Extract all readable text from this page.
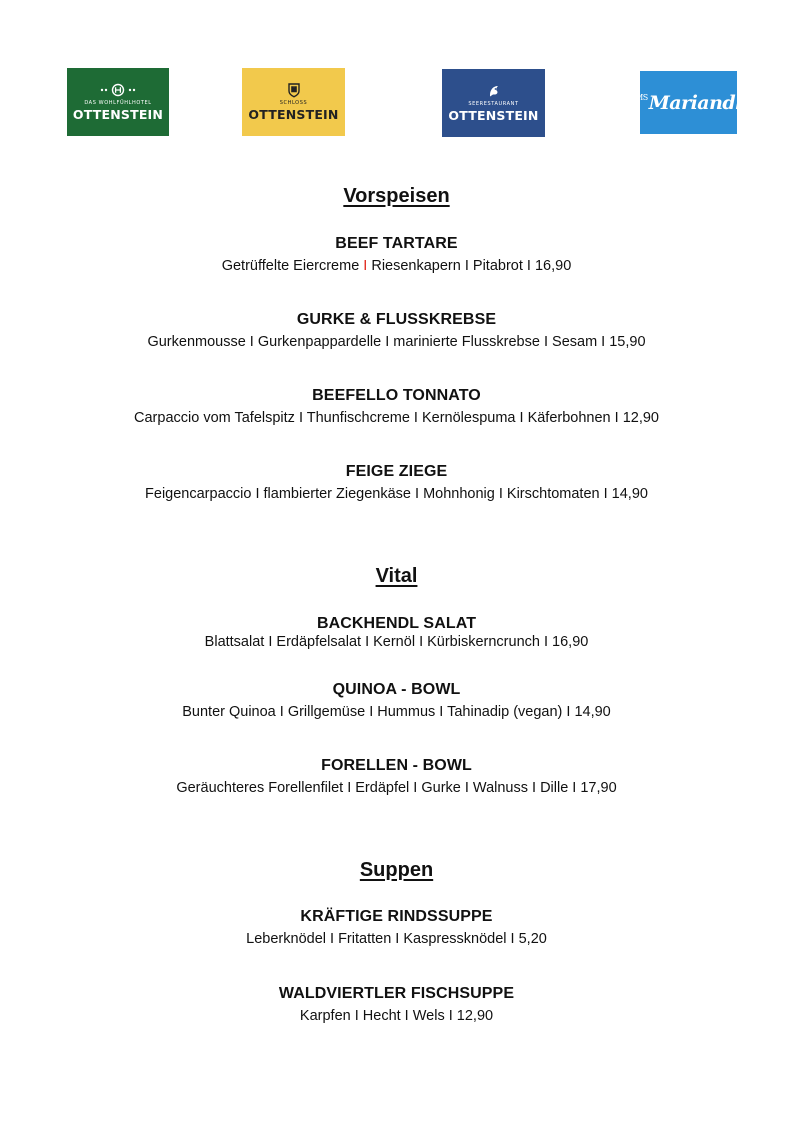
DAS WOHLFÜHLHOTEL
OTTENSTEIN
SCHLOSS
OTTENSTEIN
SEERESTAURANT
OTTENSTEIN
$^{MS}$Mariandl
Vorspeisen
BEEF TARTARE
Getrüffelte Eiercreme I Riesenkapern I Pitabrot I 16,90
GURKE & FLUSSKREBSE
Gurkenmousse I Gurkenpappardelle I marinierte Flusskrebse I Sesam I 15,90
BEEFELLO TONNATO
Carpaccio vom Tafelspitz I Thunfischcreme I Kernölespuma I Käferbohnen I 12,90
FEIGE ZIEGE
Feigencarpaccio I flambierter Ziegenkäse I Mohnhonig I Kirschtomaten I 14,90
Vital
BACKHENDL SALAT
Blattsalat I Erdäpfelsalat I Kernöl I Kürbiskerncrunch I 16,90
QUINOA - BOWL
Bunter Quinoa I Grillgemüse I Hummus I Tahinadip (vegan) I 14,90
FORELLEN - BOWL
Geräuchteres Forellenfilet I Erdäpfel I Gurke I Walnuss I Dille I 17,90
Suppen
KRÄFTIGE RINDSSUPPE
Leberknödel I Fritatten I Kaspressknödel I 5,20
WALDVIERTLER FISCHSUPPE
Karpfen I Hecht I Wels I 12,90
